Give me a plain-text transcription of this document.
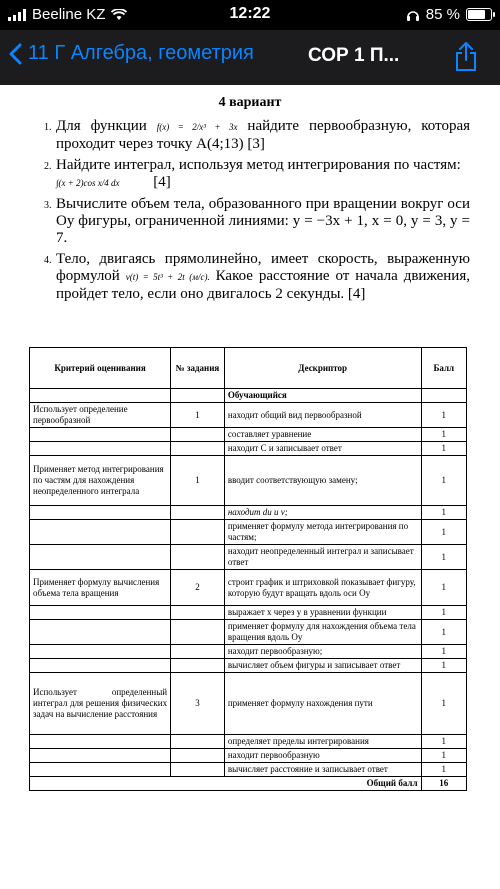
Beeline KZ	12:22	85 %
11 Г Алгебра, геометрия	СОР 1 П...
4 вариант
1. Для функции f(x) = 2/x³ + 3x найдите первообразную, которая проходит через точку A(4;13) [3]
2. Найдите интеграл, используя метод интегрирования по частям:
∫(x + 2)cos x/4 dx [4]
3. Вычислите объем тела, образованного при вращении вокруг оси Oy фигуры, ограниченной линиями: y = −3x + 1, x = 0, y = 3, y = 7.
4. Тело, двигаясь прямолинейно, имеет скорость, выраженную формулой v(t) = 5t³ + 2t (м/с). Какое расстояние от начала движения, пройдет тело, если оно двигалось 2 секунды. [4]
Критерий оценивания	№ задания	Дескриптор	Балл
		Обучающийся	
Использует определение первообразной	1	находит общий вид первообразной	1
		составляет уравнение	1
		находит С и записывает ответ	1
Применяет метод интегрирования по частям для нахождения неопределенного интеграла	1	вводит соответствующую замену;	1
		находит du и v;	1
		применяет формулу метода интегрирования по частям;	1
		находит неопределенный интеграл и записывает ответ	1
Применяет формулу вычисления объема тела вращения	2	строит график и штриховкой показывает фигуру, которую будут вращать вдоль оси Оу	1
		выражает x через y в уравнении функции	1
		применяет формулу для нахождения объема тела вращения вдоль Оу	1
		находит первообразную;	1
		вычисляет объем фигуры и записывает ответ	1
Использует определенный интеграл для решения физических задач на вычисление расстояния	3	применяет формулу нахождения пути	1
		определяет пределы интегрирования	1
		находит первообразную	1
		вычисляет расстояние и записывает ответ	1
Общий балл			16
